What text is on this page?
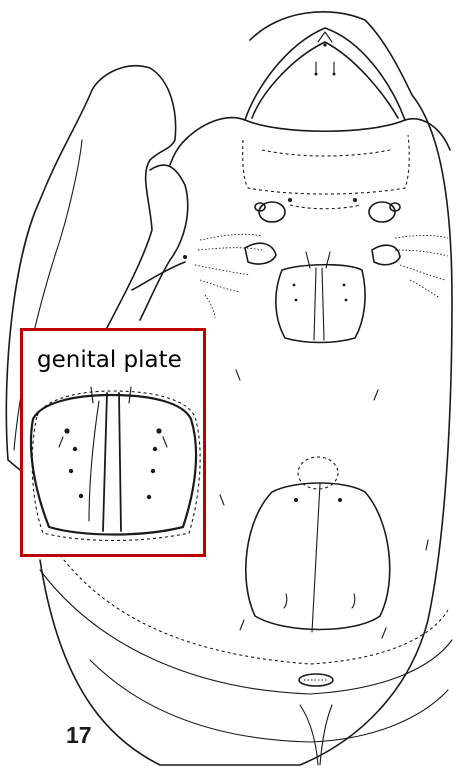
genital plate
17
